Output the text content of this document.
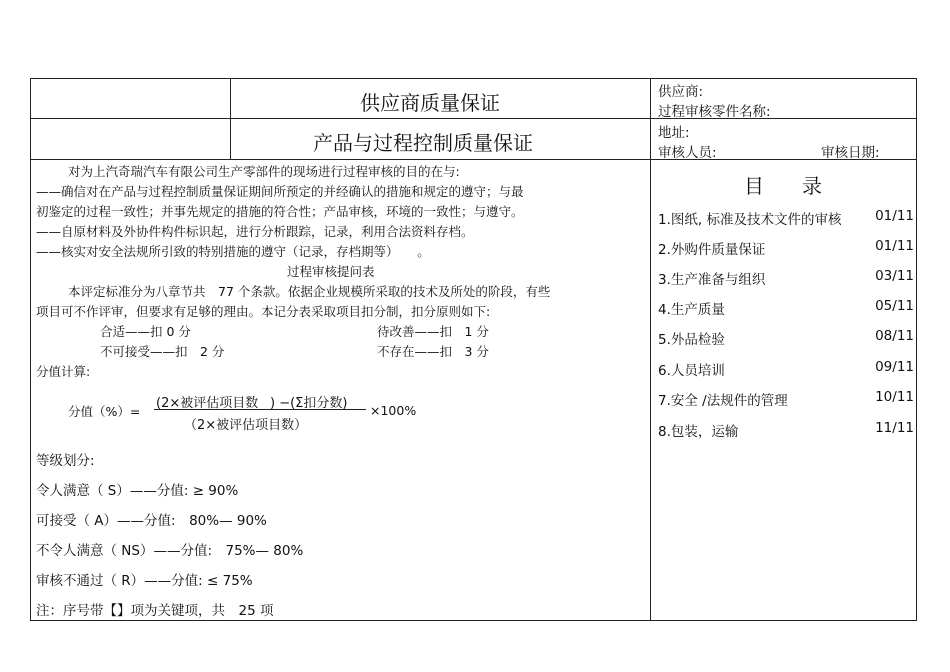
供应商质量保证
产品与过程控制质量保证
供应商:
过程审核零件名称:
地址:
审核人员:	审核日期:
对为上汽奇瑞汽车有限公司生产零部件的现场进行过程审核的目的在与:
——确信对在产品与过程控制质量保证期间所预定的并经确认的措施和规定的遵守；与最
初鉴定的过程一致性；并事先规定的措施的符合性；产品审核，环境的一致性；与遵守。
——自原材料及外协件构件标识起，进行分析跟踪，记录，利用合法资料存档。
——核实对安全法规所引致的特别措施的遵守（记录，存档期等）　　。
过程审核提问表
本评定标准分为八章节共　77 个条款。依据企业规模所采取的技术及所处的阶段，有些
项目可不作评审，但要求有足够的理由。本记分表采取项目扣分制，扣分原则如下:
合适——扣 0 分	待改善——扣　1 分
不可接受——扣　2 分	不存在——扣　3 分
分值计算:
分值（%）=
(2×被评估项目数 ) −(Σ扣分数)
（2×被评估项目数）
×100%
等级划分:
令人满意（ S）——分值: ≥ 90%
可接受（ A）——分值:　80%— 90%
不令人满意（ NS）——分值:　75%— 80%
审核不通过（ R）——分值: ≤ 75%
注：序号带【】项为关键项，共　25 项
目录
1.图纸, 标准及技术文件的审核 01/11
2.外购件质量保证	01/11
3.生产准备与组织	03/11
4.生产质量	05/11
5.外品检验	08/11
6.人员培训	09/11
7.安全 /法规件的管理	10/11
8.包装，运输	11/11
